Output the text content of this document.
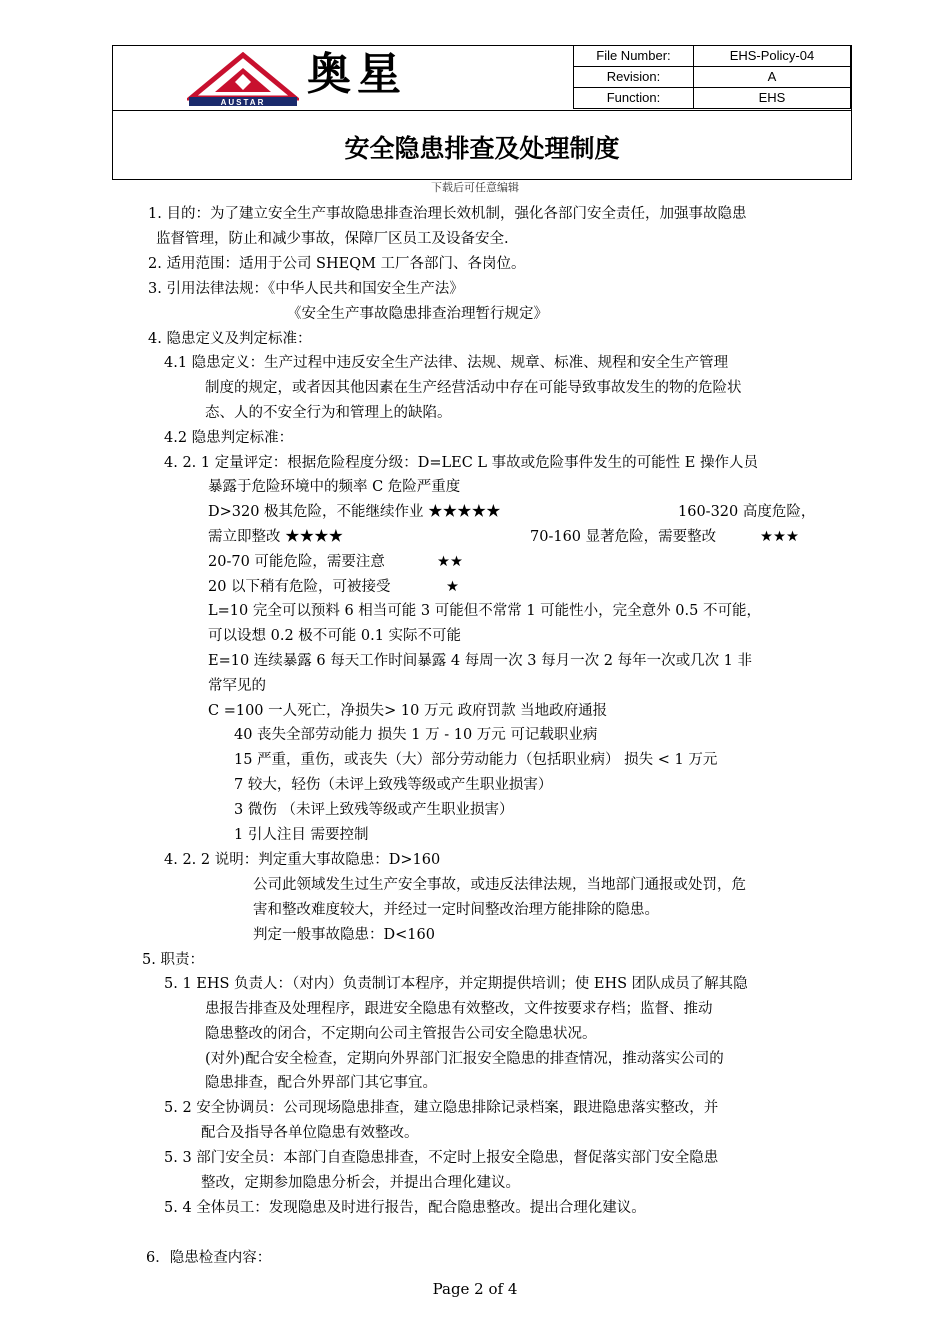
AUSTAR
奥星	File Number:	EHS-Policy-04
Revision:	A
Function:	EHS
安全隐患排查及处理制度
下载后可任意编辑
1. 目的：为了建立安全生产事故隐患排查治理长效机制，强化各部门安全责任，加强事故隐患
监督管理，防止和减少事故，保障厂区员工及设备安全.
2. 适用范围：适用于公司 SHEQM 工厂各部门、各岗位。
3. 引用法律法规：《中华人民共和国安全生产法》
《安全生产事故隐患排查治理暂行规定》
4. 隐患定义及判定标准：
4.1 隐患定义：生产过程中违反安全生产法律、法规、规章、标准、规程和安全生产管理
制度的规定，或者因其他因素在生产经营活动中存在可能导致事故发生的物的危险状
态、人的不安全行为和管理上的缺陷。
4.2 隐患判定标准：
4. 2. 1 定量评定：根据危险程度分级：D=LEC L 事故或危险事件发生的可能性 E 操作人员
暴露于危险环境中的频率 C 危险严重度
D>320 极其危险，不能继续作业 ★★★★★	160-320 高度危险，
需立即整改 ★★★★	70-160 显著危险，需要整改	★★★
20-70 可能危险，需要注意	★★
20 以下稍有危险，可被接受	★
L=10 完全可以预料 6 相当可能 3 可能但不常常 1 可能性小，完全意外 0.5 不可能，
可以设想 0.2 极不可能 0.1 实际不可能
E=10 连续暴露 6 每天工作时间暴露 4 每周一次 3 每月一次 2 每年一次或几次 1 非
常罕见的
C =100 一人死亡，净损失> 10 万元 政府罚款 当地政府通报
40 丧失全部劳动能力 损失 1 万 - 10 万元 可记载职业病
15 严重，重伤，或丧失（大）部分劳动能力（包括职业病） 损失 < 1 万元
7 较大，轻伤（未评上致残等级或产生职业损害）
3 微伤 （未评上致残等级或产生职业损害）
1 引人注目 需要控制
4. 2. 2 说明：判定重大事故隐患：D>160
公司此领域发生过生产安全事故，或违反法律法规，当地部门通报或处罚，危
害和整改难度较大，并经过一定时间整改治理方能排除的隐患。
判定一般事故隐患：D<160
5. 职责：
5. 1 EHS 负责人：（对内）负责制订本程序，并定期提供培训；使 EHS 团队成员了解其隐
患报告排查及处理程序，跟进安全隐患有效整改，文件按要求存档；监督、推动
隐患整改的闭合，不定期向公司主管报告公司安全隐患状况。
(对外)配合安全检查，定期向外界部门汇报安全隐患的排查情况，推动落实公司的
隐患排查，配合外界部门其它事宜。
5. 2 安全协调员：公司现场隐患排查，建立隐患排除记录档案，跟进隐患落实整改，并
配合及指导各单位隐患有效整改。
5. 3 部门安全员：本部门自查隐患排查，不定时上报安全隐患，督促落实部门安全隐患
整改，定期参加隐患分析会，并提出合理化建议。
5. 4 全体员工：发现隐患及时进行报告，配合隐患整改。提出合理化建议。
6．隐患检查内容：
Page 2 of 4
